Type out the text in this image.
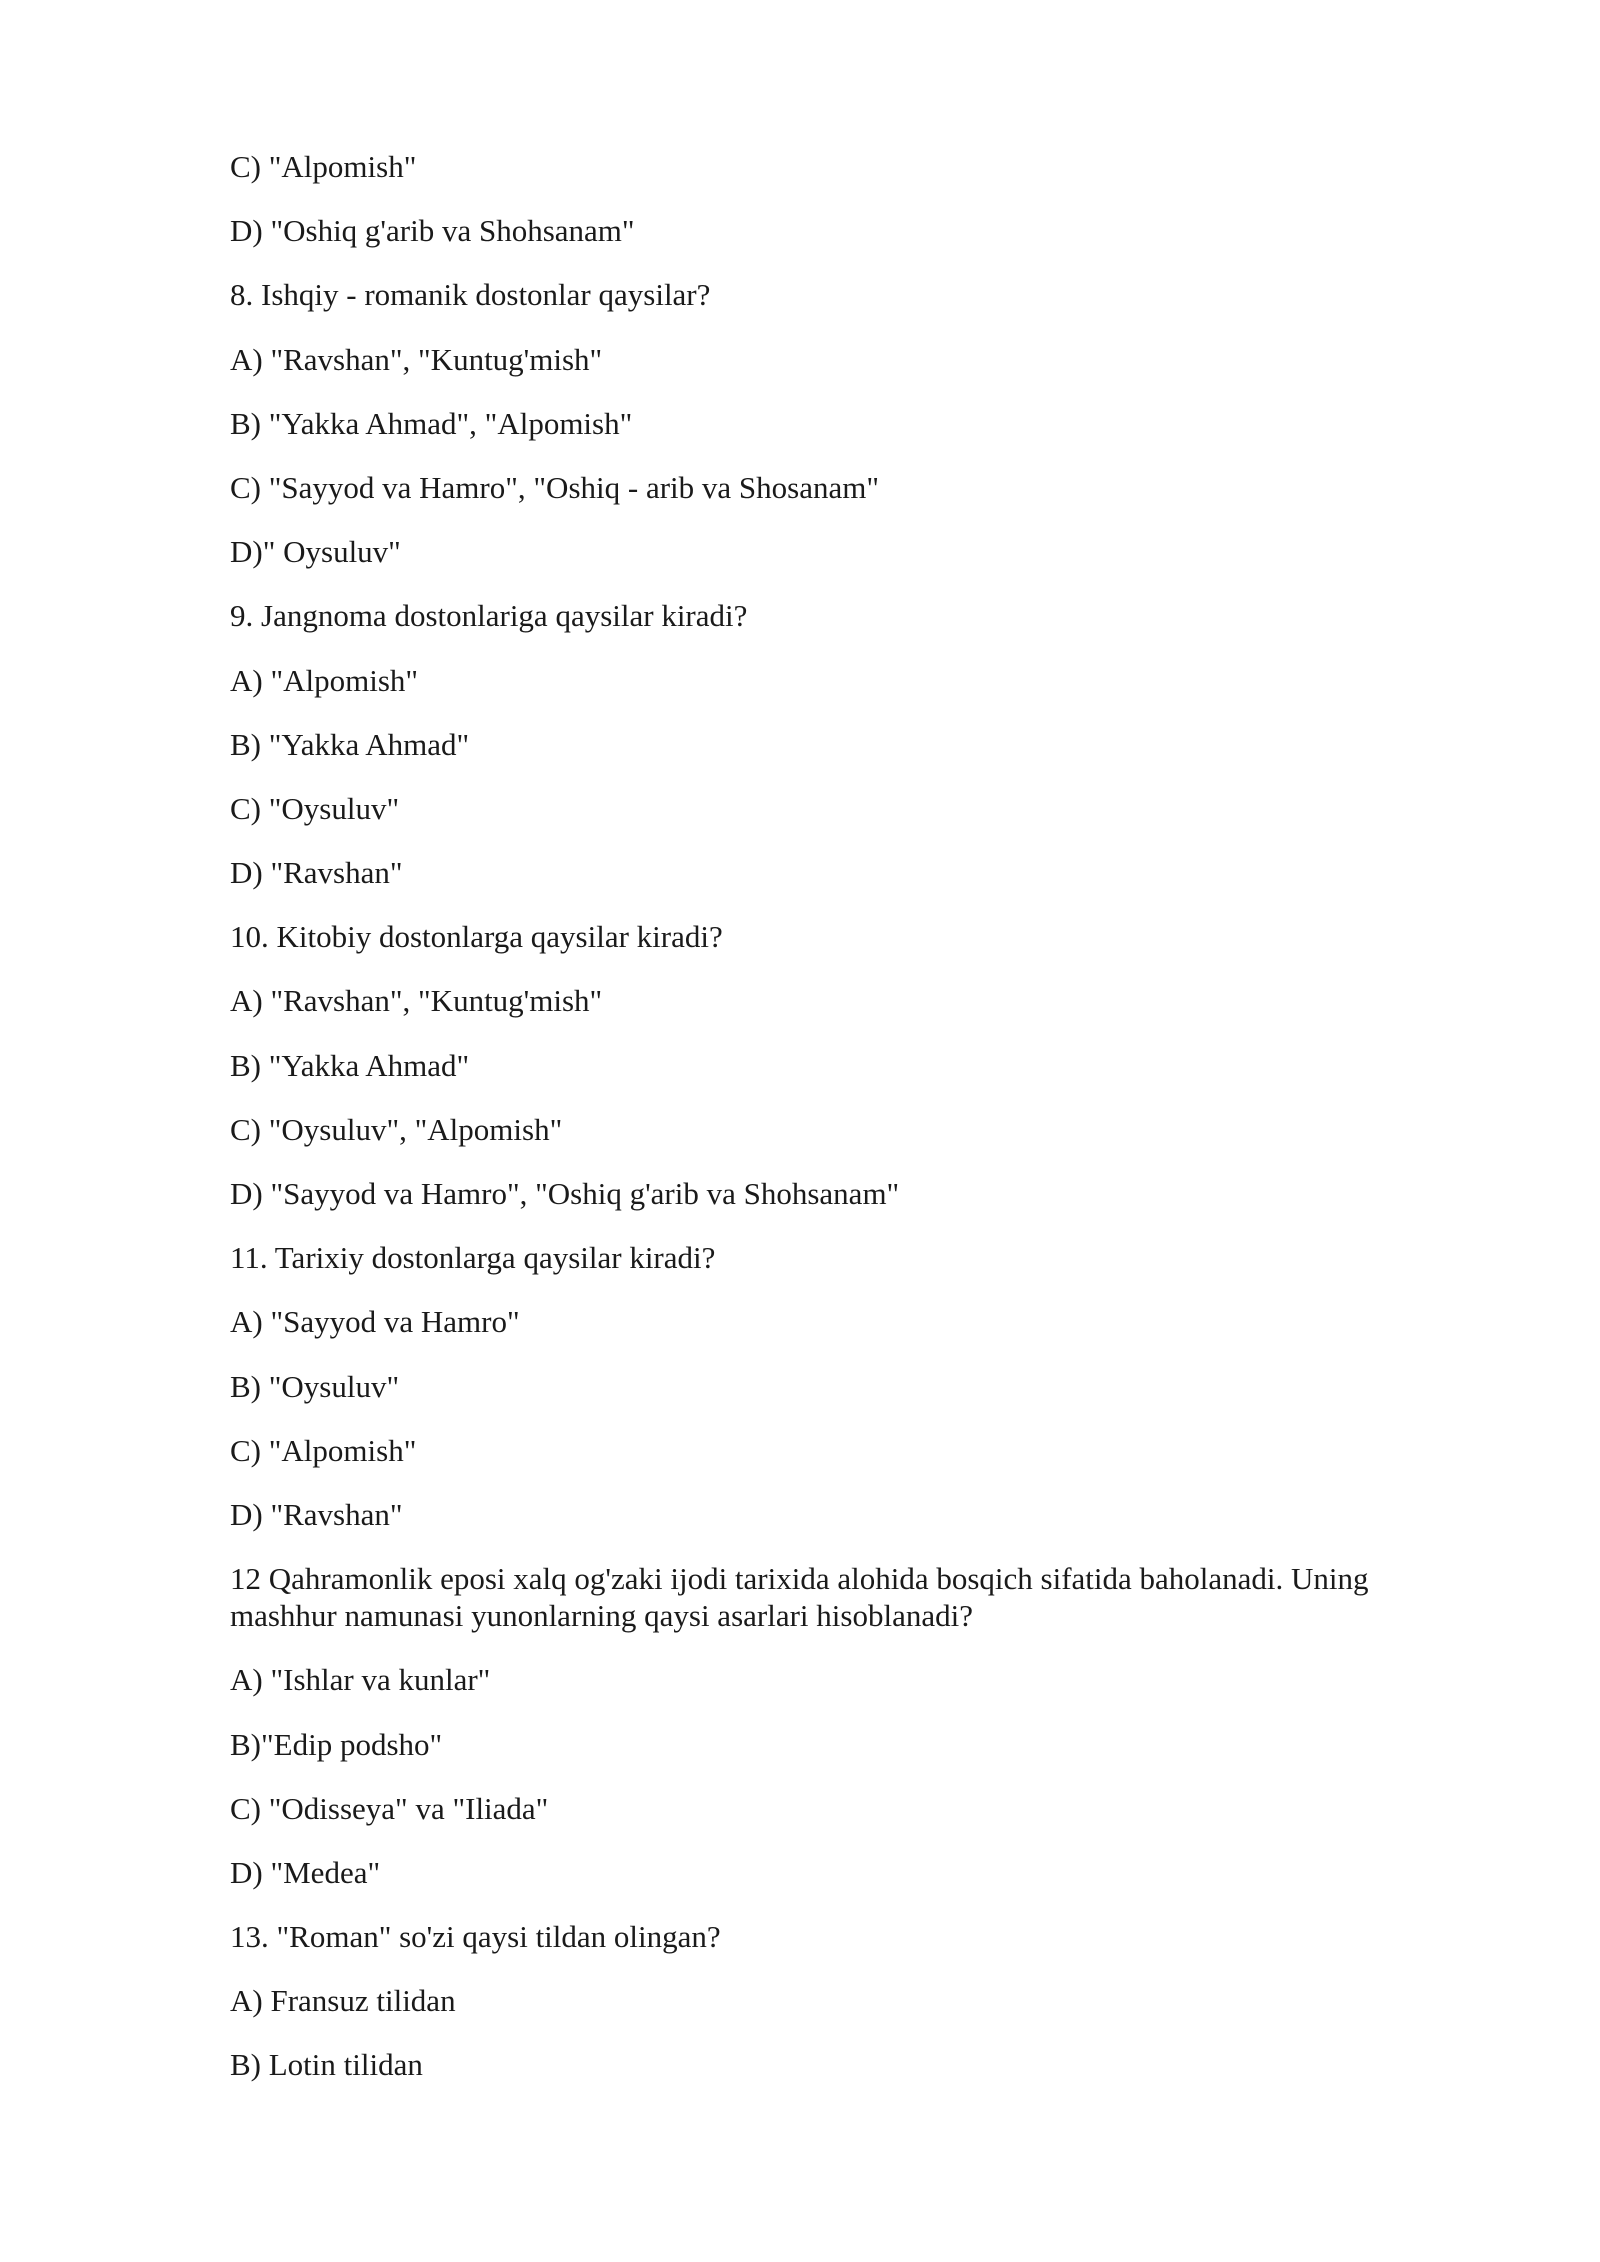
C) "Alpomish"

D) "Oshiq g'arib va Shohsanam"

8. Ishqiy - romanik dostonlar qaysilar?

A) "Ravshan", "Kuntug'mish"

B) "Yakka Ahmad", "Alpomish"

C) "Sayyod va Hamro", "Oshiq - arib va Shosanam"

D)" Oysuluv"

9. Jangnoma dostonlariga qaysilar kiradi?

A) "Alpomish"

B) "Yakka Ahmad"

C) "Oysuluv"

D) "Ravshan"

10. Kitobiy dostonlarga qaysilar kiradi?

A) "Ravshan", "Kuntug'mish"

B) "Yakka Ahmad"

C) "Oysuluv", "Alpomish"

D) "Sayyod va Hamro", "Oshiq g'arib va Shohsanam"

11. Tarixiy dostonlarga qaysilar kiradi?

A) "Sayyod va Hamro"

B) "Oysuluv"

C) "Alpomish"

D) "Ravshan"

12 Qahramonlik eposi xalq og'zaki ijodi tarixida alohida bosqich sifatida baholanadi. Uning mashhur namunasi yunonlarning qaysi asarlari hisoblanadi?

A) "Ishlar va kunlar"

B)"Edip podsho"

C) "Odisseya" va "Iliada"

D) "Medea"

13. "Roman" so'zi qaysi tildan olingan?

A) Fransuz tilidan

B) Lotin tilidan
